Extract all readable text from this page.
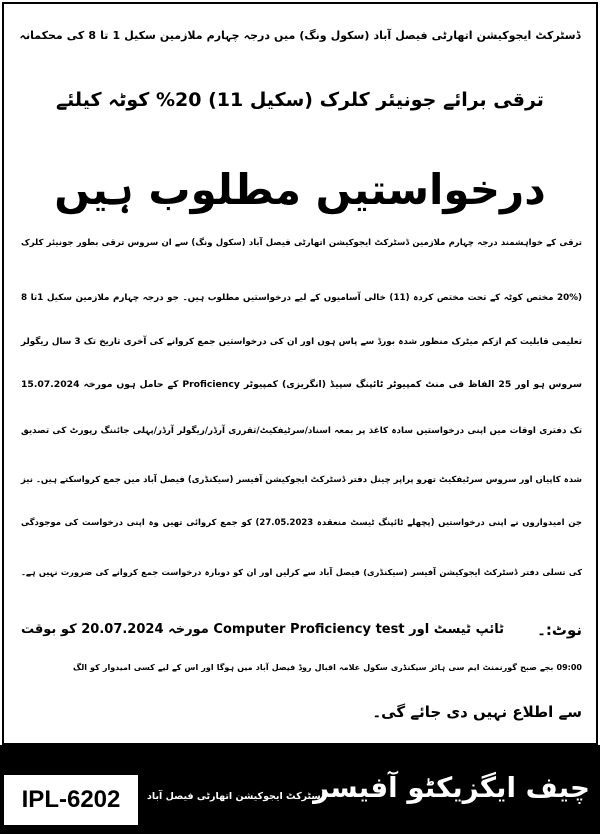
ڈسٹرکٹ ایجوکیشن اتھارٹی فیصل آباد (سکول ونگ) میں درجہ چہارم ملازمین سکیل 1 تا 8 کی محکمانہ
ترقی برائے جونیئر کلرک (سکیل 11) 20% کوٹہ کیلئے
درخواستیں مطلوب ہیں
ترقی کے خواہشمند درجہ چہارم ملازمین ڈسٹرکٹ ایجوکیشن اتھارٹی فیصل آباد (سکول ونگ) سے ان سروس ترقی بطور جونیئر کلرک
(20% مختص کوٹہ کے تحت مختص کردہ (11) خالی آسامیوں کے لیے درخواستیں مطلوب ہیں۔ جو درجہ چہارم ملازمین سکیل 1تا 8
تعلیمی قابلیت کم ازکم میٹرک منظور شدہ بورڈ سے پاس ہوں اور ان کی درخواستیں جمع کروانے کی آخری تاریخ تک 3 سال ریگولر
سروس ہو اور 25 الفاظ فی منٹ کمپیوٹر ٹائپنگ سپیڈ (انگریزی) کمپیوٹر Proficiency کے حامل ہوں مورخہ 15.07.2024
تک دفتری اوقات میں اپنی درخواستیں سادہ کاغذ پر بمعہ اسناد/سرٹیفکیٹ/تقرری آرڈر/ریگولر آرڈر/پہلی جائننگ رپورٹ کی تصدیق
شدہ کاپیاں اور سروس سرٹیفکیٹ تھرو پراپر چینل دفتر ڈسٹرکٹ ایجوکیشن آفیسر (سیکنڈری) فیصل آباد میں جمع کرواسکتے ہیں۔ نیز
جن امیدواروں نے اپنی درخواستیں (پچھلے ٹائپنگ ٹیسٹ منعقدہ 27.05.2023) کو جمع کروائی تھیں وہ اپنی درخواست کی موجودگی
کی تسلی دفتر ڈسٹرکٹ ایجوکیشن آفیسر (سیکنڈری) فیصل آباد سے کرلیں اور ان کو دوبارہ درخواست جمع کروانے کی ضرورت نہیں ہے۔
نوٹ:۔
ٹائپ ٹیسٹ اور Computer Proficiency test مورخہ 20.07.2024 کو بوقت
09:00 بجے صبح گورنمنٹ ایم سی ہائر سیکنڈری سکول علامہ اقبال روڈ فیصل آباد میں ہوگا اور اس کے لیے کسی امیدوار کو الگ
سے اطلاع نہیں دی جائے گی۔
چیف ایگزیکٹو آفیسر
ڈسٹرکٹ ایجوکیشن اتھارٹی فیصل آباد
IPL-6202
